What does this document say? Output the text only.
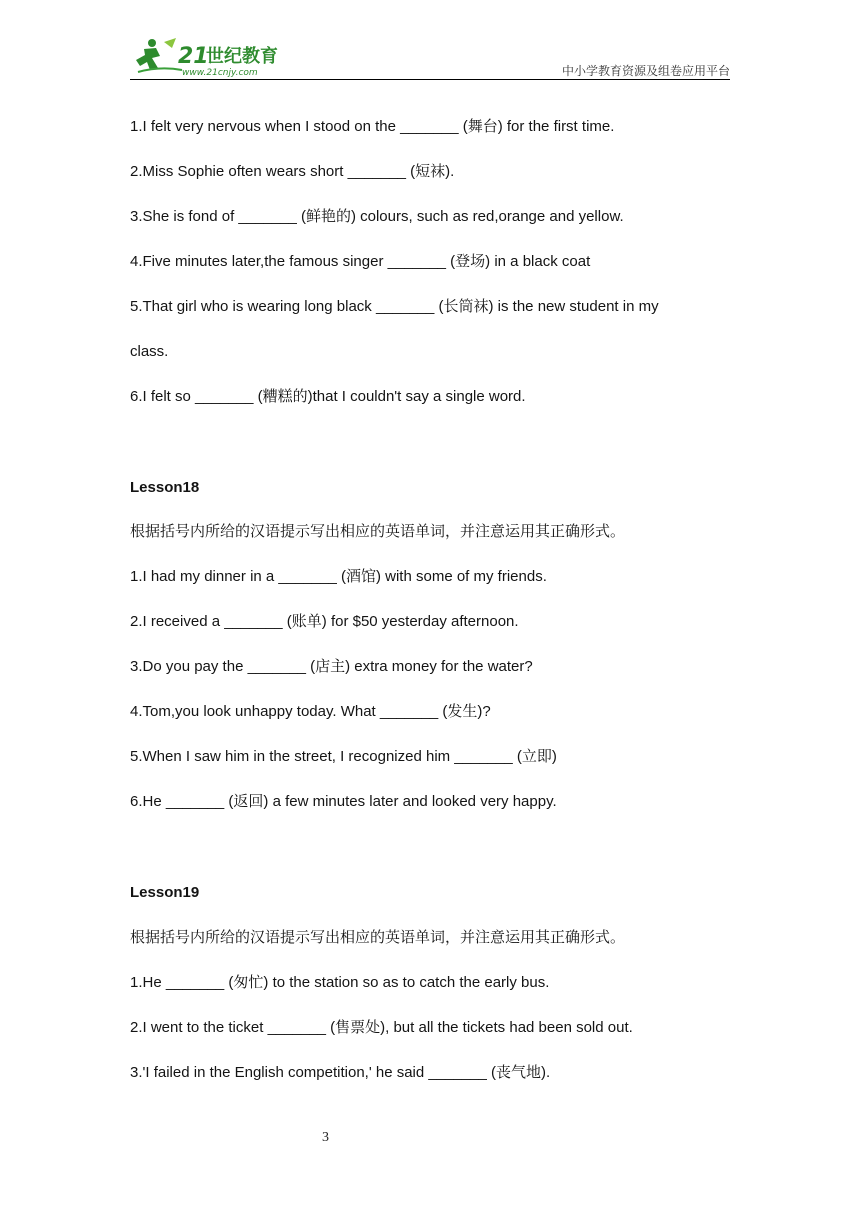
21
世纪教育
www.21cnjy.com	中小学教育资源及组卷应用平台
1.I felt very nervous when I stood on the _______ (舞台) for the first time.
2.Miss Sophie often wears short _______ (短袜).
3.She is fond of _______ (鲜艳的) colours, such as red,orange and yellow.
4.Five minutes later,the famous singer _______ (登场) in a black coat
5.That girl who is wearing long black _______ (长筒袜) is the new student in my
class.
6.I felt so _______ (糟糕的)that I couldn't say a single word.
Lesson18
根据括号内所给的汉语提示写出相应的英语单词，并注意运用其正确形式。
1.I had my dinner in a _______ (酒馆) with some of my friends.
2.I received a _______ (账单) for $50 yesterday afternoon.
3.Do you pay the _______ (店主) extra money for the water?
4.Tom,you look unhappy today. What _______ (发生)?
5.When I saw him in the street, I recognized him _______ (立即)
6.He _______ (返回) a few minutes later and looked very happy.
Lesson19
根据括号内所给的汉语提示写出相应的英语单词，并注意运用其正确形式。
1.He _______ (匆忙) to the station so as to catch the early bus.
2.I went to the ticket _______ (售票处), but all the tickets had been sold out.
3.'I failed in the English competition,' he said _______ (丧气地).
3
